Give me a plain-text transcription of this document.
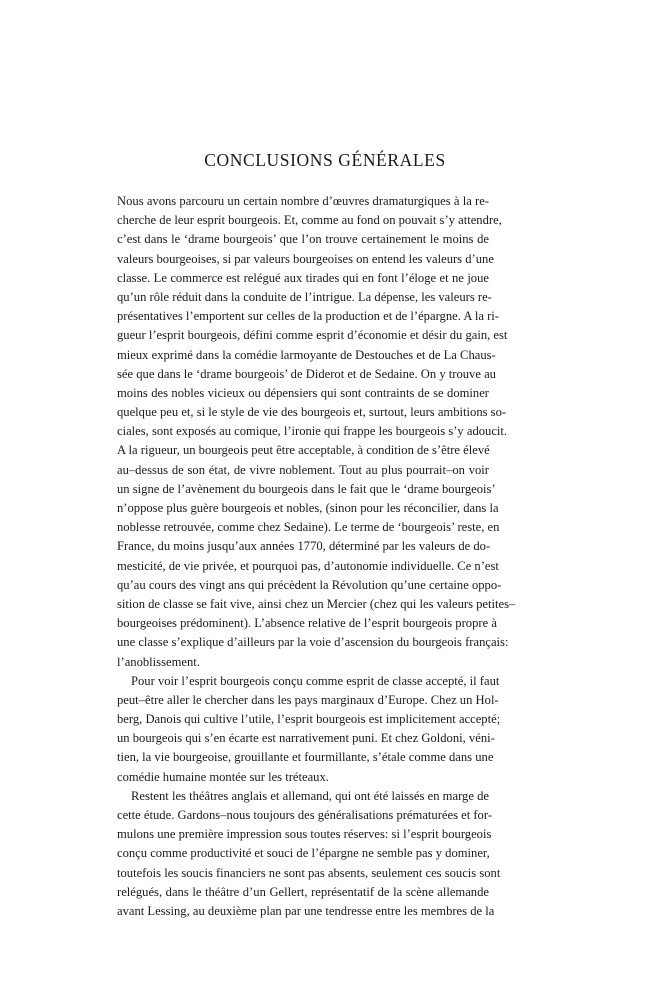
CONCLUSIONS GÉNÉRALES
Nous avons parcouru un certain nombre d’œuvres dramaturgiques à la re-
cherche de leur esprit bourgeois. Et, comme au fond on pouvait s’y attendre,
c’est dans le ‘drame bourgeois’ que l’on trouve certainement le moins de
valeurs bourgeoises, si par valeurs bourgeoises on entend les valeurs d’une
classe. Le commerce est relégué aux tirades qui en font l’éloge et ne joue
qu’un rôle réduit dans la conduite de l’intrigue. La dépense, les valeurs re-
présentatives l’emportent sur celles de la production et de l’épargne. A la ri-
gueur l’esprit bourgeois, défini comme esprit d’économie et désir du gain, est
mieux exprimé dans la comédie larmoyante de Destouches et de La Chaus-
sée que dans le ‘drame bourgeois’ de Diderot et de Sedaine. On y trouve au
moins des nobles vicieux ou dépensiers qui sont contraints de se dominer
quelque peu et, si le style de vie des bourgeois et, surtout, leurs ambitions so-
ciales, sont exposés au comique, l’ironie qui frappe les bourgeois s’y adoucit.
A la rigueur, un bourgeois peut être acceptable, à condition de s’être élevé
au–dessus de son état, de vivre noblement. Tout au plus pourrait–on voir
un signe de l’avènement du bourgeois dans le fait que le ‘drame bourgeois’
n’oppose plus guère bourgeois et nobles, (sinon pour les réconcilier, dans la
noblesse retrouvée, comme chez Sedaine). Le terme de ‘bourgeois’ reste, en
France, du moins jusqu’aux années 1770, déterminé par les valeurs de do-
mesticité, de vie privée, et pourquoi pas, d’autonomie individuelle. Ce n’est
qu’au cours des vingt ans qui précèdent la Révolution qu’une certaine oppo-
sition de classe se fait vive, ainsi chez un Mercier (chez qui les valeurs petites–
bourgeoises prédominent). L’absence relative de l’esprit bourgeois propre à
une classe s’explique d’ailleurs par la voie d’ascension du bourgeois français:
l’anoblissement.
Pour voir l’esprit bourgeois conçu comme esprit de classe accepté, il faut
peut–être aller le chercher dans les pays marginaux d’Europe. Chez un Hol-
berg, Danois qui cultive l’utile, l’esprit bourgeois est implicitement accepté;
un bourgeois qui s’en écarte est narrativement puni. Et chez Goldoni, véni-
tien, la vie bourgeoise, grouillante et fourmillante, s’étale comme dans une
comédie humaine montée sur les tréteaux.
Restent les théâtres anglais et allemand, qui ont été laissés en marge de
cette étude. Gardons–nous toujours des généralisations prématurées et for-
mulons une première impression sous toutes réserves: si l’esprit bourgeois
conçu comme productivité et souci de l’épargne ne semble pas y dominer,
toutefois les soucis financiers ne sont pas absents, seulement ces soucis sont
relégués, dans le théâtre d’un Gellert, représentatif de la scène allemande
avant Lessing, au deuxième plan par une tendresse entre les membres de la
